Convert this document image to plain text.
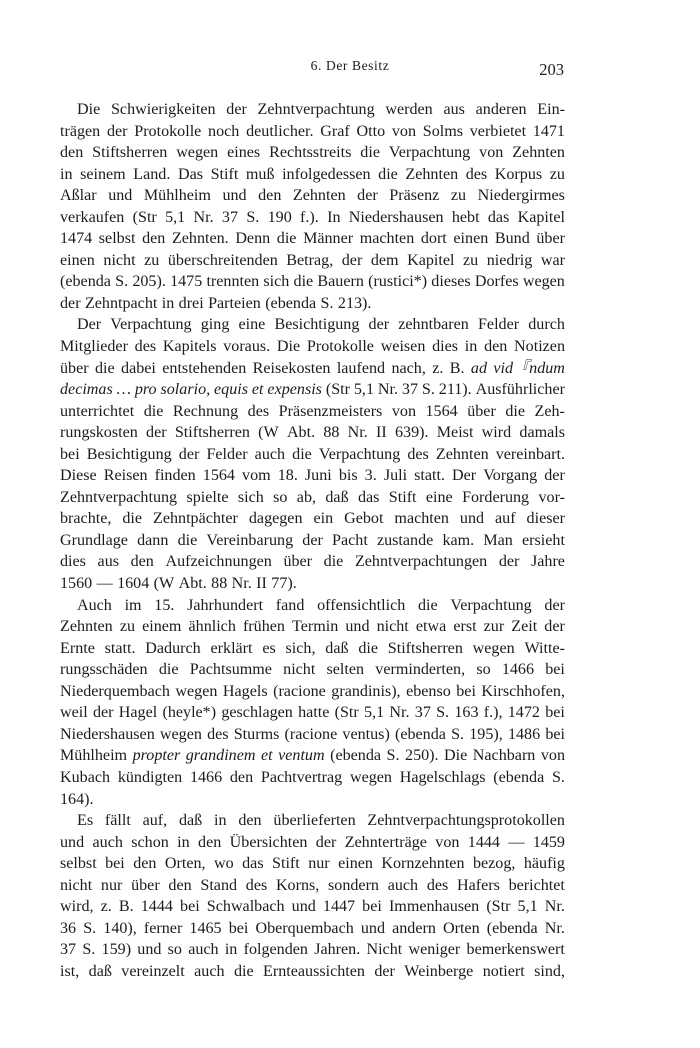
6. Der Besitz	203
Die Schwierigkeiten der Zehntverpachtung werden aus anderen Ein-
trägen der Protokolle noch deutlicher. Graf Otto von Solms verbietet 1471
den Stiftsherren wegen eines Rechtsstreits die Verpachtung von Zehnten
in seinem Land. Das Stift muß infolgedessen die Zehnten des Korpus zu
Aßlar und Mühlheim und den Zehnten der Präsenz zu Niedergirmes
verkaufen (Str 5,1 Nr. 37 S. 190 f.). In Niedershausen hebt das Kapitel
1474 selbst den Zehnten. Denn die Männer machten dort einen Bund über
einen nicht zu überschreitenden Betrag, der dem Kapitel zu niedrig war
(ebenda S. 205). 1475 trennten sich die Bauern (rustici*) dieses Dorfes wegen
der Zehntpacht in drei Parteien (ebenda S. 213).
Der Verpachtung ging eine Besichtigung der zehntbaren Felder durch
Mitglieder des Kapitels voraus. Die Protokolle weisen dies in den Notizen
über die dabei entstehenden Reisekosten laufend nach, z. B. ad vid『ndum
decimas … pro solario, equis et expensis (Str 5,1 Nr. 37 S. 211). Ausführlicher
unterrichtet die Rechnung des Präsenzmeisters von 1564 über die Zeh-
rungskosten der Stiftsherren (W Abt. 88 Nr. II 639). Meist wird damals
bei Besichtigung der Felder auch die Verpachtung des Zehnten vereinbart.
Diese Reisen finden 1564 vom 18. Juni bis 3. Juli statt. Der Vorgang der
Zehntverpachtung spielte sich so ab, daß das Stift eine Forderung vor-
brachte, die Zehntpächter dagegen ein Gebot machten und auf dieser
Grundlage dann die Vereinbarung der Pacht zustande kam. Man ersieht
dies aus den Aufzeichnungen über die Zehntverpachtungen der Jahre
1560 — 1604 (W Abt. 88 Nr. II 77).
Auch im 15. Jahrhundert fand offensichtlich die Verpachtung der
Zehnten zu einem ähnlich frühen Termin und nicht etwa erst zur Zeit der
Ernte statt. Dadurch erklärt es sich, daß die Stiftsherren wegen Witte-
rungsschäden die Pachtsumme nicht selten verminderten, so 1466 bei
Niederquembach wegen Hagels (racione grandinis), ebenso bei Kirschhofen,
weil der Hagel (heyle*) geschlagen hatte (Str 5,1 Nr. 37 S. 163 f.), 1472 bei
Niedershausen wegen des Sturms (racione ventus) (ebenda S. 195), 1486 bei
Mühlheim propter grandinem et ventum (ebenda S. 250). Die Nachbarn von
Kubach kündigten 1466 den Pachtvertrag wegen Hagelschlags (ebenda S.
164).
Es fällt auf, daß in den überlieferten Zehntverpachtungsprotokollen
und auch schon in den Übersichten der Zehnterträge von 1444 — 1459
selbst bei den Orten, wo das Stift nur einen Kornzehnten bezog, häufig
nicht nur über den Stand des Korns, sondern auch des Hafers berichtet
wird, z. B. 1444 bei Schwalbach und 1447 bei Immenhausen (Str 5,1 Nr.
36 S. 140), ferner 1465 bei Oberquembach und andern Orten (ebenda Nr.
37 S. 159) und so auch in folgenden Jahren. Nicht weniger bemerkenswert
ist, daß vereinzelt auch die Ernteaussichten der Weinberge notiert sind,
